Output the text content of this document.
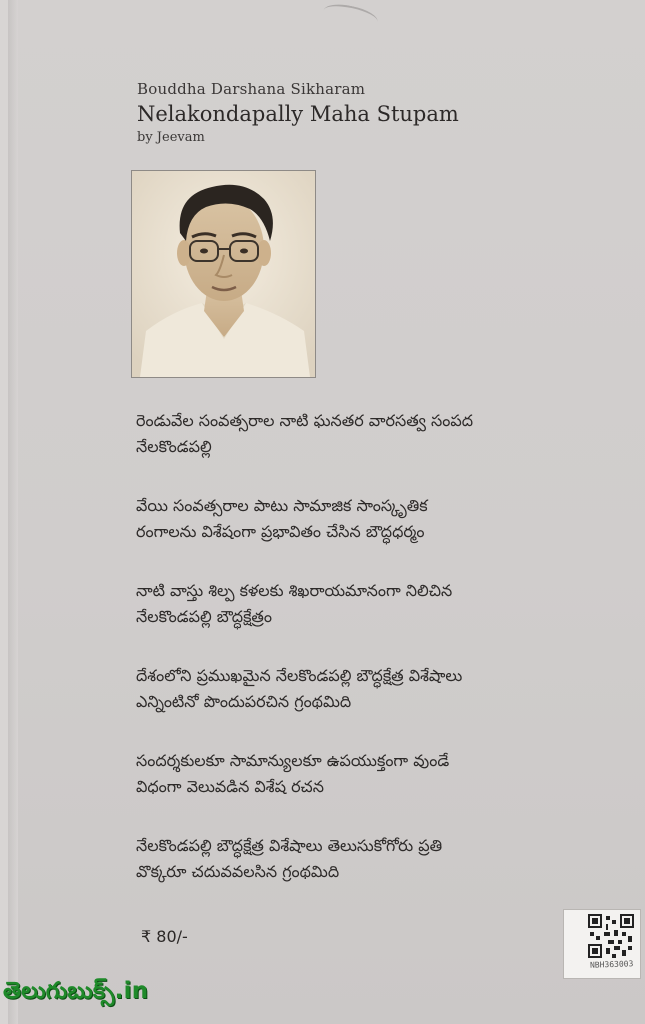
Bouddha Darshana Sikharam
Nelakondapally Maha Stupam
by Jeevam
రెండువేల సంవత్సరాల నాటి ఘనతర వారసత్వ సంపద
నేలకొండపల్లి
వేయి సంవత్సరాల పాటు సామాజిక సాంస్కృతిక
రంగాలను విశేషంగా ప్రభావితం చేసిన బౌద్ధధర్మం
నాటి వాస్తు శిల్ప కళలకు శిఖరాయమానంగా నిలిచిన
నేలకొండపల్లి బౌద్ధక్షేత్రం
దేశంలోని ప్రముఖమైన నేలకొండపల్లి బౌద్ధక్షేత్ర విశేషాలు
ఎన్నింటినో పొందుపరచిన గ్రంథమిది
సందర్శకులకూ సామాన్యులకూ ఉపయుక్తంగా వుండే
విధంగా వెలువడిన విశేష రచన
నేలకొండపల్లి బౌద్ధక్షేత్ర విశేషాలు తెలుసుకోగోరు ప్రతి
వొక్కరూ చదువవలసిన గ్రంథమిది
₹ 80/-
NBH363003
తెలుగుబుక్స్.in
